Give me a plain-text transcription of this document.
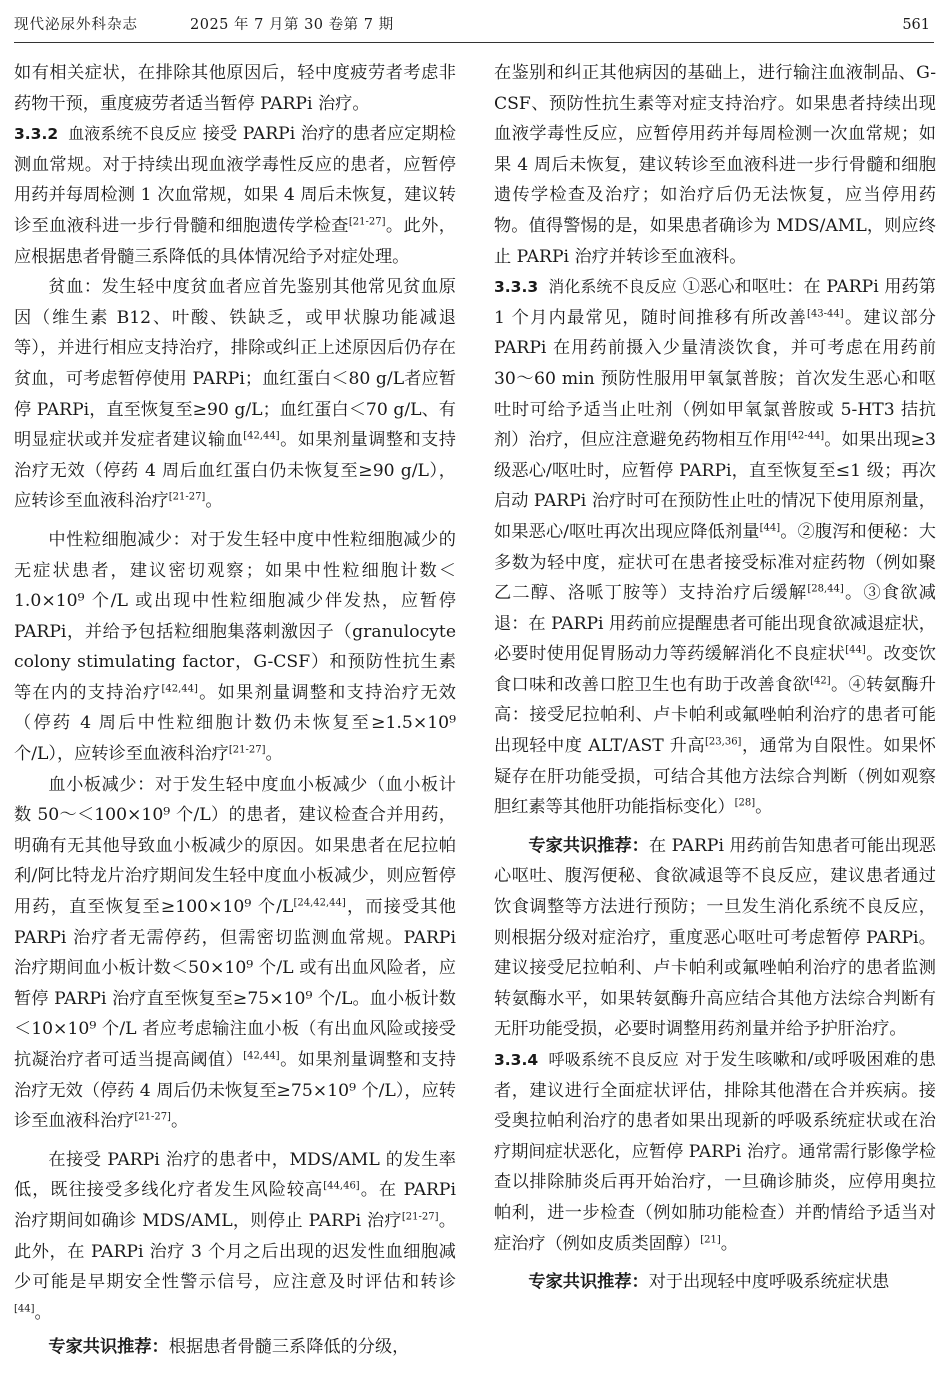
现代泌尿外科杂志	2025 年 7 月第 30 卷第 7 期	561

如有相关症状，在排除其他原因后，轻中度疲劳者考虑非药物干预，重度疲劳者适当暂停 PARPi 治疗。

3.3.2 血液系统不良反应 接受 PARPi 治疗的患者应定期检测血常规。对于持续出现血液学毒性反应的患者，应暂停用药并每周检测 1 次血常规，如果 4 周后未恢复，建议转诊至血液科进一步行骨髓和细胞遗传学检查[21-27]。此外，应根据患者骨髓三系降低的具体情况给予对症处理。

贫血：发生轻中度贫血者应首先鉴别其他常见贫血原因（维生素 B12、叶酸、铁缺乏，或甲状腺功能减退等），并进行相应支持治疗，排除或纠正上述原因后仍存在贫血，可考虑暂停使用 PARPi；血红蛋白＜80 g/L者应暂停 PARPi，直至恢复至≥90 g/L；血红蛋白＜70 g/L、有明显症状或并发症者建议输血[42,44]。如果剂量调整和支持治疗无效（停药 4 周后血红蛋白仍未恢复至≥90 g/L），应转诊至血液科治疗[21-27]。

中性粒细胞减少：对于发生轻中度中性粒细胞减少的无症状患者，建议密切观察；如果中性粒细胞计数＜1.0×10⁹ 个/L 或出现中性粒细胞减少伴发热，应暂停 PARPi，并给予包括粒细胞集落刺激因子（granulocyte colony stimulating factor，G-CSF）和预防性抗生素等在内的支持治疗[42,44]。如果剂量调整和支持治疗无效（停药 4 周后中性粒细胞计数仍未恢复至≥1.5×10⁹ 个/L），应转诊至血液科治疗[21-27]。

血小板减少：对于发生轻中度血小板减少（血小板计数 50～＜100×10⁹ 个/L）的患者，建议检查合并用药，明确有无其他导致血小板减少的原因。如果患者在尼拉帕利/阿比特龙片治疗期间发生轻中度血小板减少，则应暂停用药，直至恢复至≥100×10⁹ 个/L[24,42,44]，而接受其他 PARPi 治疗者无需停药，但需密切监测血常规。PARPi 治疗期间血小板计数＜50×10⁹ 个/L 或有出血风险者，应暂停 PARPi 治疗直至恢复至≥75×10⁹ 个/L。血小板计数＜10×10⁹ 个/L 者应考虑输注血小板（有出血风险或接受抗凝治疗者可适当提高阈值）[42,44]。如果剂量调整和支持治疗无效（停药 4 周后仍未恢复至≥75×10⁹ 个/L），应转诊至血液科治疗[21-27]。

在接受 PARPi 治疗的患者中，MDS/AML 的发生率低，既往接受多线化疗者发生风险较高[44,46]。在 PARPi 治疗期间如确诊 MDS/AML，则停止 PARPi 治疗[21-27]。此外，在 PARPi 治疗 3 个月之后出现的迟发性血细胞减少可能是早期安全性警示信号，应注意及时评估和转诊[44]。

专家共识推荐：根据患者骨髓三系降低的分级，

在鉴别和纠正其他病因的基础上，进行输注血液制品、G-CSF、预防性抗生素等对症支持治疗。如果患者持续出现血液学毒性反应，应暂停用药并每周检测一次血常规；如果 4 周后未恢复，建议转诊至血液科进一步行骨髓和细胞遗传学检查及治疗；如治疗后仍无法恢复，应当停用药物。值得警惕的是，如果患者确诊为 MDS/AML，则应终止 PARPi 治疗并转诊至血液科。

3.3.3 消化系统不良反应 ①恶心和呕吐：在 PARPi 用药第 1 个月内最常见，随时间推移有所改善[43-44]。建议部分 PARPi 在用药前摄入少量清淡饮食，并可考虑在用药前 30～60 min 预防性服用甲氧氯普胺；首次发生恶心和呕吐时可给予适当止吐剂（例如甲氧氯普胺或 5-HT3 拮抗剂）治疗，但应注意避免药物相互作用[42-44]。如果出现≥3 级恶心/呕吐时，应暂停 PARPi，直至恢复至≤1 级；再次启动 PARPi 治疗时可在预防性止吐的情况下使用原剂量，如果恶心/呕吐再次出现应降低剂量[44]。②腹泻和便秘：大多数为轻中度，症状可在患者接受标准对症药物（例如聚乙二醇、洛哌丁胺等）支持治疗后缓解[28,44]。③食欲减退：在 PARPi 用药前应提醒患者可能出现食欲减退症状，必要时使用促胃肠动力等药缓解消化不良症状[44]。改变饮食口味和改善口腔卫生也有助于改善食欲[42]。④转氨酶升高：接受尼拉帕利、卢卡帕利或氟唑帕利治疗的患者可能出现轻中度 ALT/AST 升高[23,36]，通常为自限性。如果怀疑存在肝功能受损，可结合其他方法综合判断（例如观察胆红素等其他肝功能指标变化）[28]。

专家共识推荐：在 PARPi 用药前告知患者可能出现恶心呕吐、腹泻便秘、食欲减退等不良反应，建议患者通过饮食调整等方法进行预防；一旦发生消化系统不良反应，则根据分级对症治疗，重度恶心呕吐可考虑暂停 PARPi。建议接受尼拉帕利、卢卡帕利或氟唑帕利治疗的患者监测转氨酶水平，如果转氨酶升高应结合其他方法综合判断有无肝功能受损，必要时调整用药剂量并给予护肝治疗。

3.3.4 呼吸系统不良反应 对于发生咳嗽和/或呼吸困难的患者，建议进行全面症状评估，排除其他潜在合并疾病。接受奥拉帕利治疗的患者如果出现新的呼吸系统症状或在治疗期间症状恶化，应暂停 PARPi 治疗。通常需行影像学检查以排除肺炎后再开始治疗，一旦确诊肺炎，应停用奥拉帕利，进一步检查（例如肺功能检查）并酌情给予适当对症治疗（例如皮质类固醇）[21]。

专家共识推荐：对于出现轻中度呼吸系统症状患
